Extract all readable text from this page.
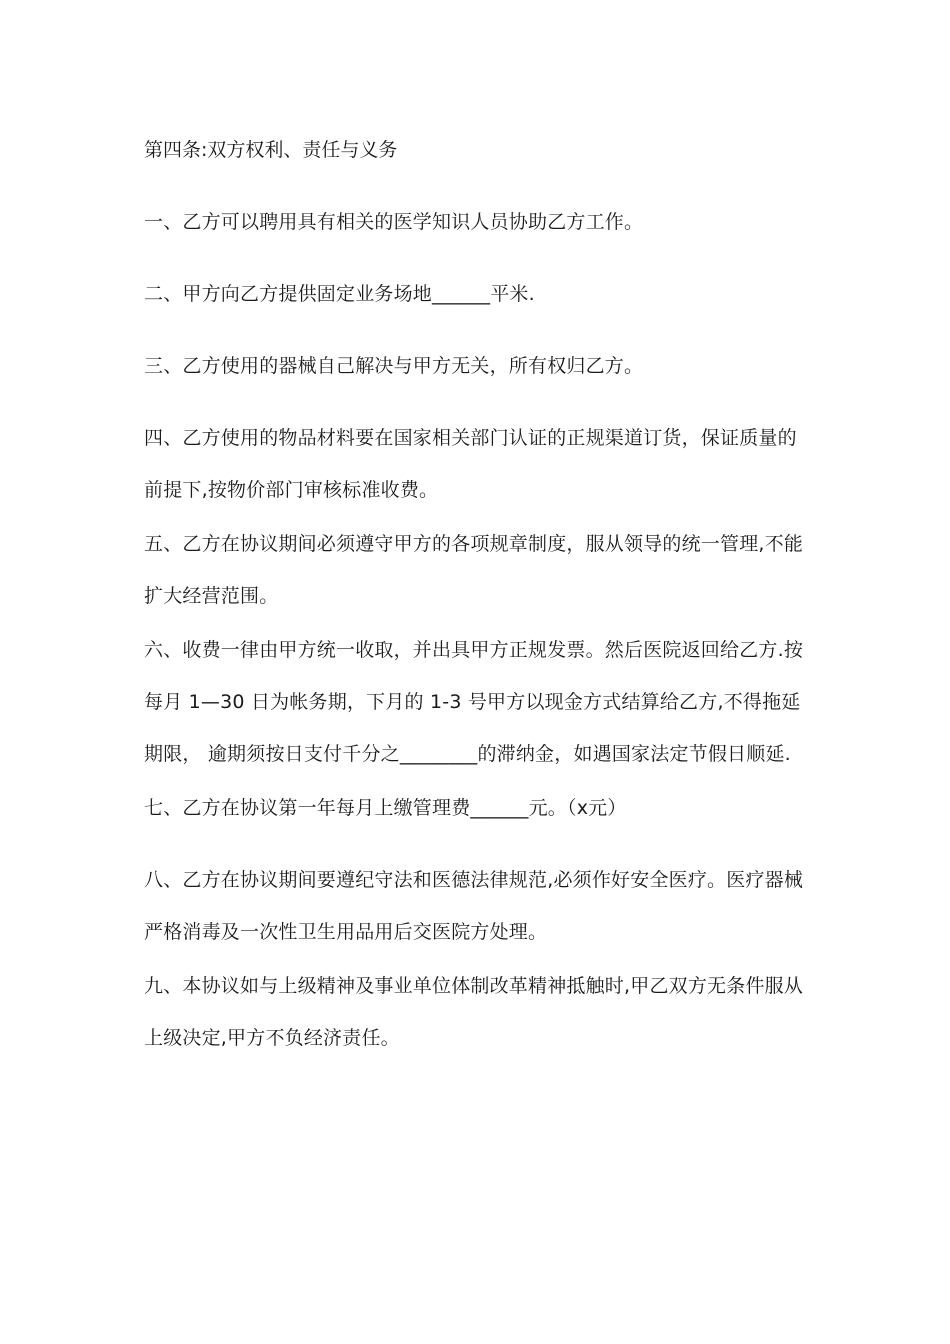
第四条:双方权利、责任与义务
一、乙方可以聘用具有相关的医学知识人员协助乙方工作。
二、甲方向乙方提供固定业务场地______平米.
三、乙方使用的器械自己解决与甲方无关，所有权归乙方。
四、乙方使用的物品材料要在国家相关部门认证的正规渠道订货，保证质量的前提下,按物价部门审核标准收费。
五、乙方在协议期间必须遵守甲方的各项规章制度，服从领导的统一管理,不能扩大经营范围。
六、收费一律由甲方统一收取，并出具甲方正规发票。然后医院返回给乙方.按每月 1—30 日为帐务期，下月的 1-3 号甲方以现金方式结算给乙方,不得拖延期限， 逾期须按日支付千分之________的滞纳金，如遇国家法定节假日顺延.
七、乙方在协议第一年每月上缴管理费______元。（x元）
八、乙方在协议期间要遵纪守法和医德法律规范,必须作好安全医疗。医疗器械严格消毒及一次性卫生用品用后交医院方处理。
九、本协议如与上级精神及事业单位体制改革精神抵触时,甲乙双方无条件服从上级决定,甲方不负经济责任。
